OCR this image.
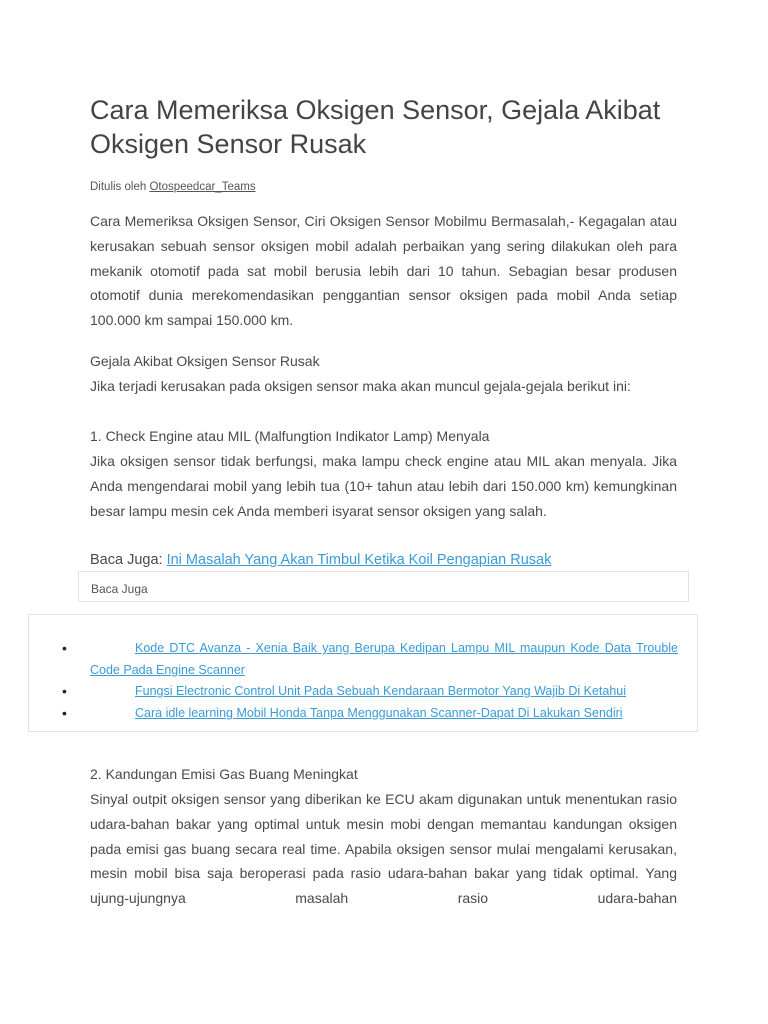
Cara Memeriksa Oksigen Sensor, Gejala Akibat Oksigen Sensor Rusak
Ditulis oleh Otospeedcar_Teams

Cara Memeriksa Oksigen Sensor, Ciri Oksigen Sensor Mobilmu Bermasalah,- Kegagalan atau kerusakan sebuah sensor oksigen mobil adalah perbaikan yang sering dilakukan oleh para mekanik otomotif pada sat mobil berusia lebih dari 10 tahun. Sebagian besar produsen otomotif dunia merekomendasikan penggantian sensor oksigen pada mobil Anda setiap 100.000 km sampai 150.000 km.

Gejala Akibat Oksigen Sensor Rusak

Jika terjadi kerusakan pada oksigen sensor maka akan muncul gejala-gejala berikut ini:

1. Check Engine atau MIL (Malfungtion Indikator Lamp) Menyala

Jika oksigen sensor tidak berfungsi, maka lampu check engine atau MIL akan menyala. Jika Anda mengendarai mobil yang lebih tua (10+ tahun atau lebih dari 150.000 km) kemungkinan besar lampu mesin cek Anda memberi isyarat sensor oksigen yang salah.

Baca Juga: Ini Masalah Yang Akan Timbul Ketika Koil Pengapian Rusak
Baca Juga
•	Kode DTC Avanza - Xenia Baik yang Berupa Kedipan Lampu MIL maupun Kode Data Trouble Code Pada Engine Scanner
•	Fungsi Electronic Control Unit Pada Sebuah Kendaraan Bermotor Yang Wajib Di Ketahui
•	Cara idle learning Mobil Honda Tanpa Menggunakan Scanner-Dapat Di Lakukan Sendiri

2. Kandungan Emisi Gas Buang Meningkat

Sinyal outpit oksigen sensor yang diberikan ke ECU akam digunakan untuk menentukan rasio udara-bahan bakar yang optimal untuk mesin mobi dengan memantau kandungan oksigen pada emisi gas buang secara real time. Apabila oksigen sensor mulai mengalami kerusakan, mesin mobil bisa saja beroperasi pada rasio udara-bahan bakar yang tidak optimal. Yang ujung-ujungnya masalah rasio udara-bahan
